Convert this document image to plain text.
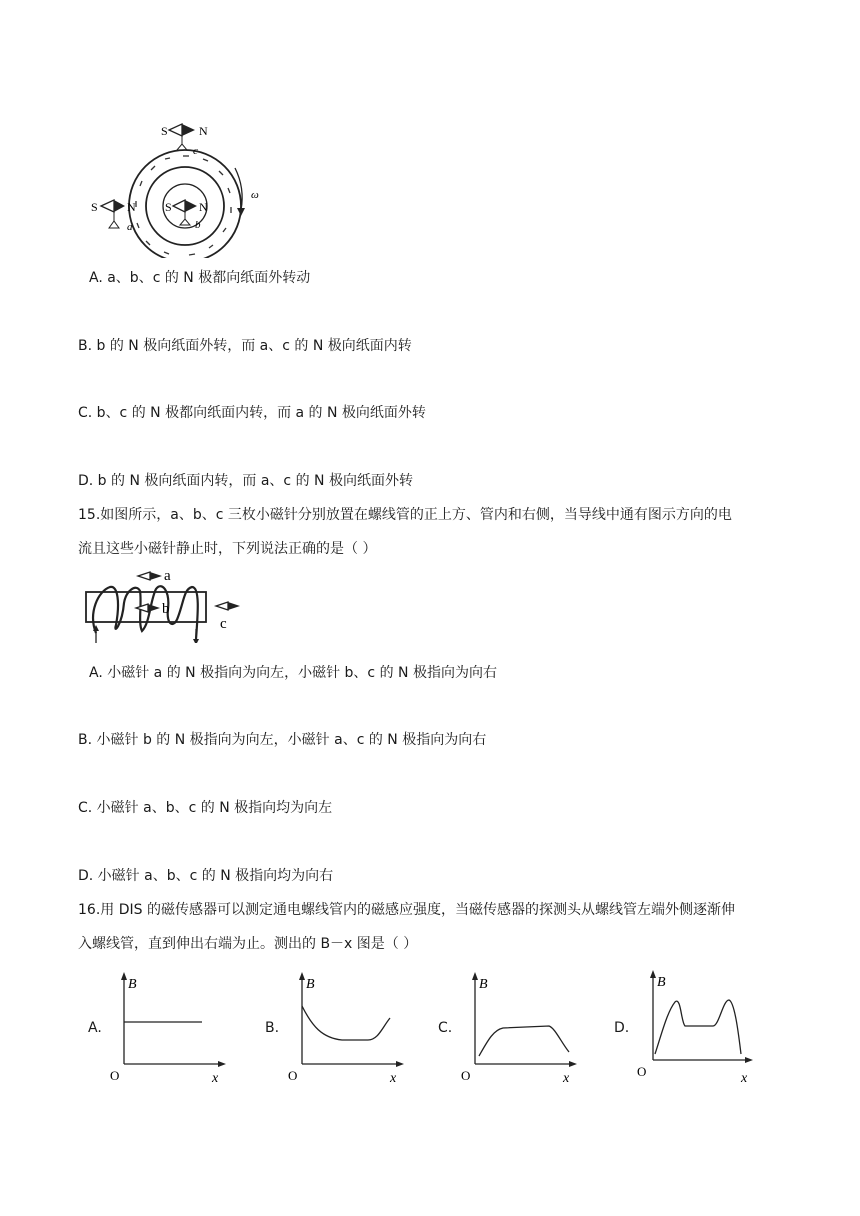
S	N
c
S N
a
S N
b
ω
A. a、b、c 的 N 极都向纸面外转动
B. b 的 N 极向纸面外转，而 a、c 的 N 极向纸面内转
C. b、c 的 N 极都向纸面内转，而 a 的 N 极向纸面外转
D. b 的 N 极向纸面内转，而 a、c 的 N 极向纸面外转
15.如图所示，a、b、c 三枚小磁针分别放置在螺线管的正上方、管内和右侧，当导线中通有图示方向的电
流且这些小磁针静止时，下列说法正确的是（ ）
a
b
c
A. 小磁针 a 的 N 极指向为向左，小磁针 b、c 的 N 极指向为向右
B. 小磁针 b 的 N 极指向为向左，小磁针 a、c 的 N 极指向为向右
C. 小磁针 a、b、c 的 N 极指向均为向左
D. 小磁针 a、b、c 的 N 极指向均为向右
16.用 DIS 的磁传感器可以测定通电螺线管内的磁感应强度，当磁传感器的探测头从螺线管左端外侧逐渐伸
入螺线管，直到伸出右端为止。测出的 B－x 图是（ ）
A.
B
x
O
B.
B
x
O
C.
B
x
O
D.
B
x
O
